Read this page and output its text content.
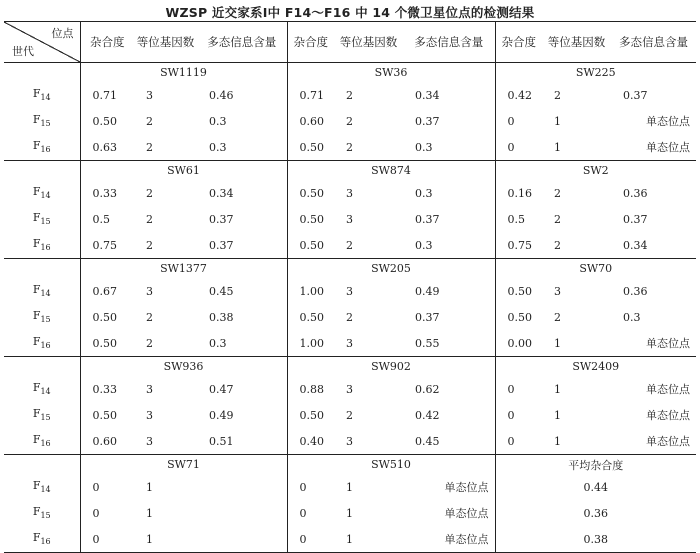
WZSP 近交家系Ⅰ中 F14～F16 中 14 个微卫星位点的检测结果
位点
世代	杂合度	等位基因数	多态信息含量	杂合度	等位基因数	多态信息含量	杂合度	等位基因数	多态信息含量
	SW1119			SW36			SW225		
$F_{14}$	0.71	3	0.46	0.71	2	0.34	0.42	2	0.37
$F_{15}$	0.50	2	0.3	0.60	2	0.37	0	1	单态位点
$F_{16}$	0.63	2	0.3	0.50	2	0.3	0	1	单态位点
	SW61			SW874			SW2		
$F_{14}$	0.33	2	0.34	0.50	3	0.3	0.16	2	0.36
$F_{15}$	0.5	2	0.37	0.50	3	0.37	0.5	2	0.37
$F_{16}$	0.75	2	0.37	0.50	2	0.3	0.75	2	0.34
	SW1377			SW205			SW70		
$F_{14}$	0.67	3	0.45	1.00	3	0.49	0.50	3	0.36
$F_{15}$	0.50	2	0.38	0.50	2	0.37	0.50	2	0.3
$F_{16}$	0.50	2	0.3	1.00	3	0.55	0.00	1	单态位点
	SW936			SW902			SW2409		
$F_{14}$	0.33	3	0.47	0.88	3	0.62	0	1	单态位点
$F_{15}$	0.50	3	0.49	0.50	2	0.42	0	1	单态位点
$F_{16}$	0.60	3	0.51	0.40	3	0.45	0	1	单态位点
	SW71			SW510			平均杂合度		
$F_{14}$	0	1		0	1	单态位点	0.44		
$F_{15}$	0	1		0	1	单态位点	0.36		
$F_{16}$	0	1		0	1	单态位点	0.38		
